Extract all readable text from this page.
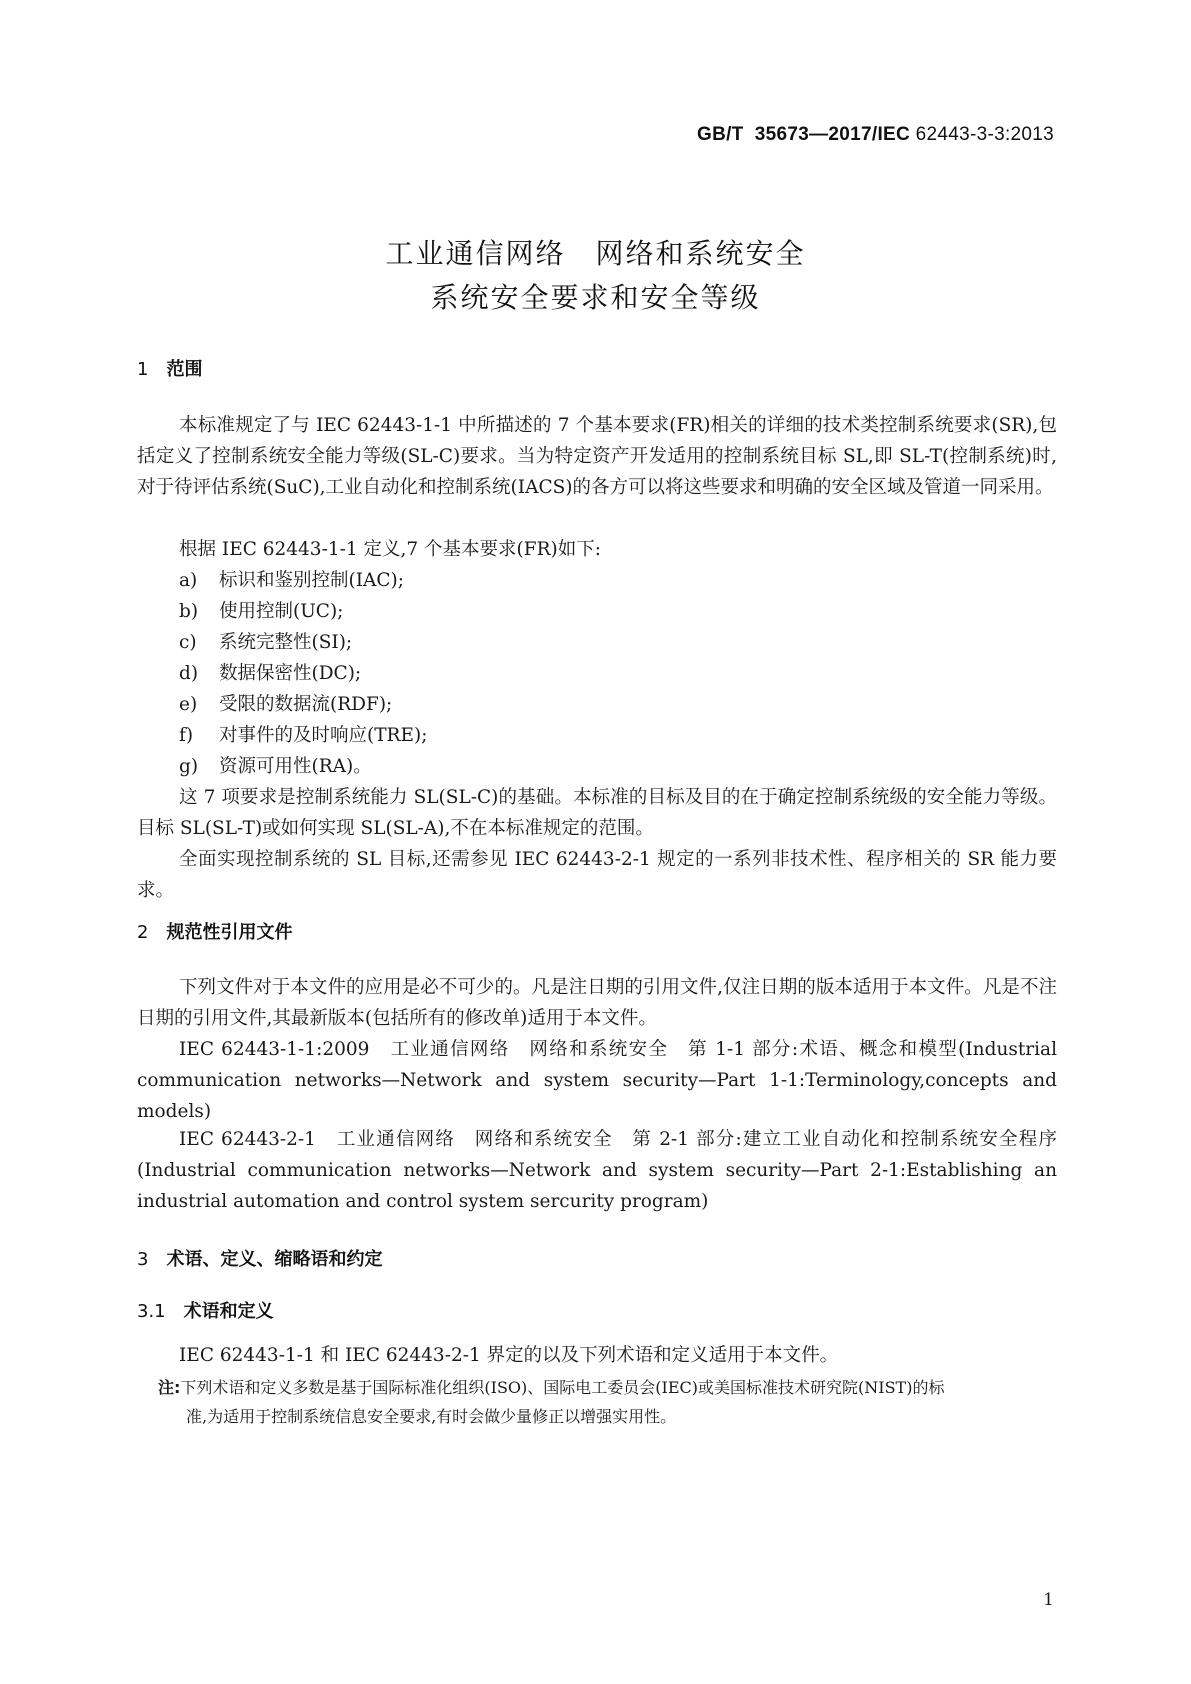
GB/T 35673—2017/IEC 62443-3-3:2013
工业通信网络　网络和系统安全
系统安全要求和安全等级
1 范围
本标准规定了与 IEC 62443-1-1 中所描述的 7 个基本要求(FR)相关的详细的技术类控制系统要求(SR),包括定义了控制系统安全能力等级(SL-C)要求。当为特定资产开发适用的控制系统目标 SL,即 SL-T(控制系统)时,对于待评估系统(SuC),工业自动化和控制系统(IACS)的各方可以将这些要求和明确的安全区域及管道一同采用。
根据 IEC 62443-1-1 定义,7 个基本要求(FR)如下:
a) 标识和鉴别控制(IAC);
b) 使用控制(UC);
c) 系统完整性(SI);
d) 数据保密性(DC);
e) 受限的数据流(RDF);
f) 对事件的及时响应(TRE);
g) 资源可用性(RA)。
这 7 项要求是控制系统能力 SL(SL-C)的基础。本标准的目标及目的在于确定控制系统级的安全能力等级。目标 SL(SL-T)或如何实现 SL(SL-A),不在本标准规定的范围。
全面实现控制系统的 SL 目标,还需参见 IEC 62443-2-1 规定的一系列非技术性、程序相关的 SR 能力要求。
2 规范性引用文件
下列文件对于本文件的应用是必不可少的。凡是注日期的引用文件,仅注日期的版本适用于本文件。凡是不注日期的引用文件,其最新版本(包括所有的修改单)适用于本文件。
IEC 62443-1-1:2009　工业通信网络　网络和系统安全　第 1-1 部分:术语、概念和模型(Industrial communication networks—Network and system security—Part 1-1:Terminology,concepts and models)
IEC 62443-2-1　工业通信网络　网络和系统安全　第 2-1 部分:建立工业自动化和控制系统安全程序(Industrial communication networks—Network and system security—Part 2-1:Establishing an industrial automation and control system sercurity program)
3 术语、定义、缩略语和约定
3.1 术语和定义
IEC 62443-1-1 和 IEC 62443-2-1 界定的以及下列术语和定义适用于本文件。
注:下列术语和定义多数是基于国际标准化组织(ISO)、国际电工委员会(IEC)或美国标准技术研究院(NIST)的标
准,为适用于控制系统信息安全要求,有时会做少量修正以增强实用性。
1
